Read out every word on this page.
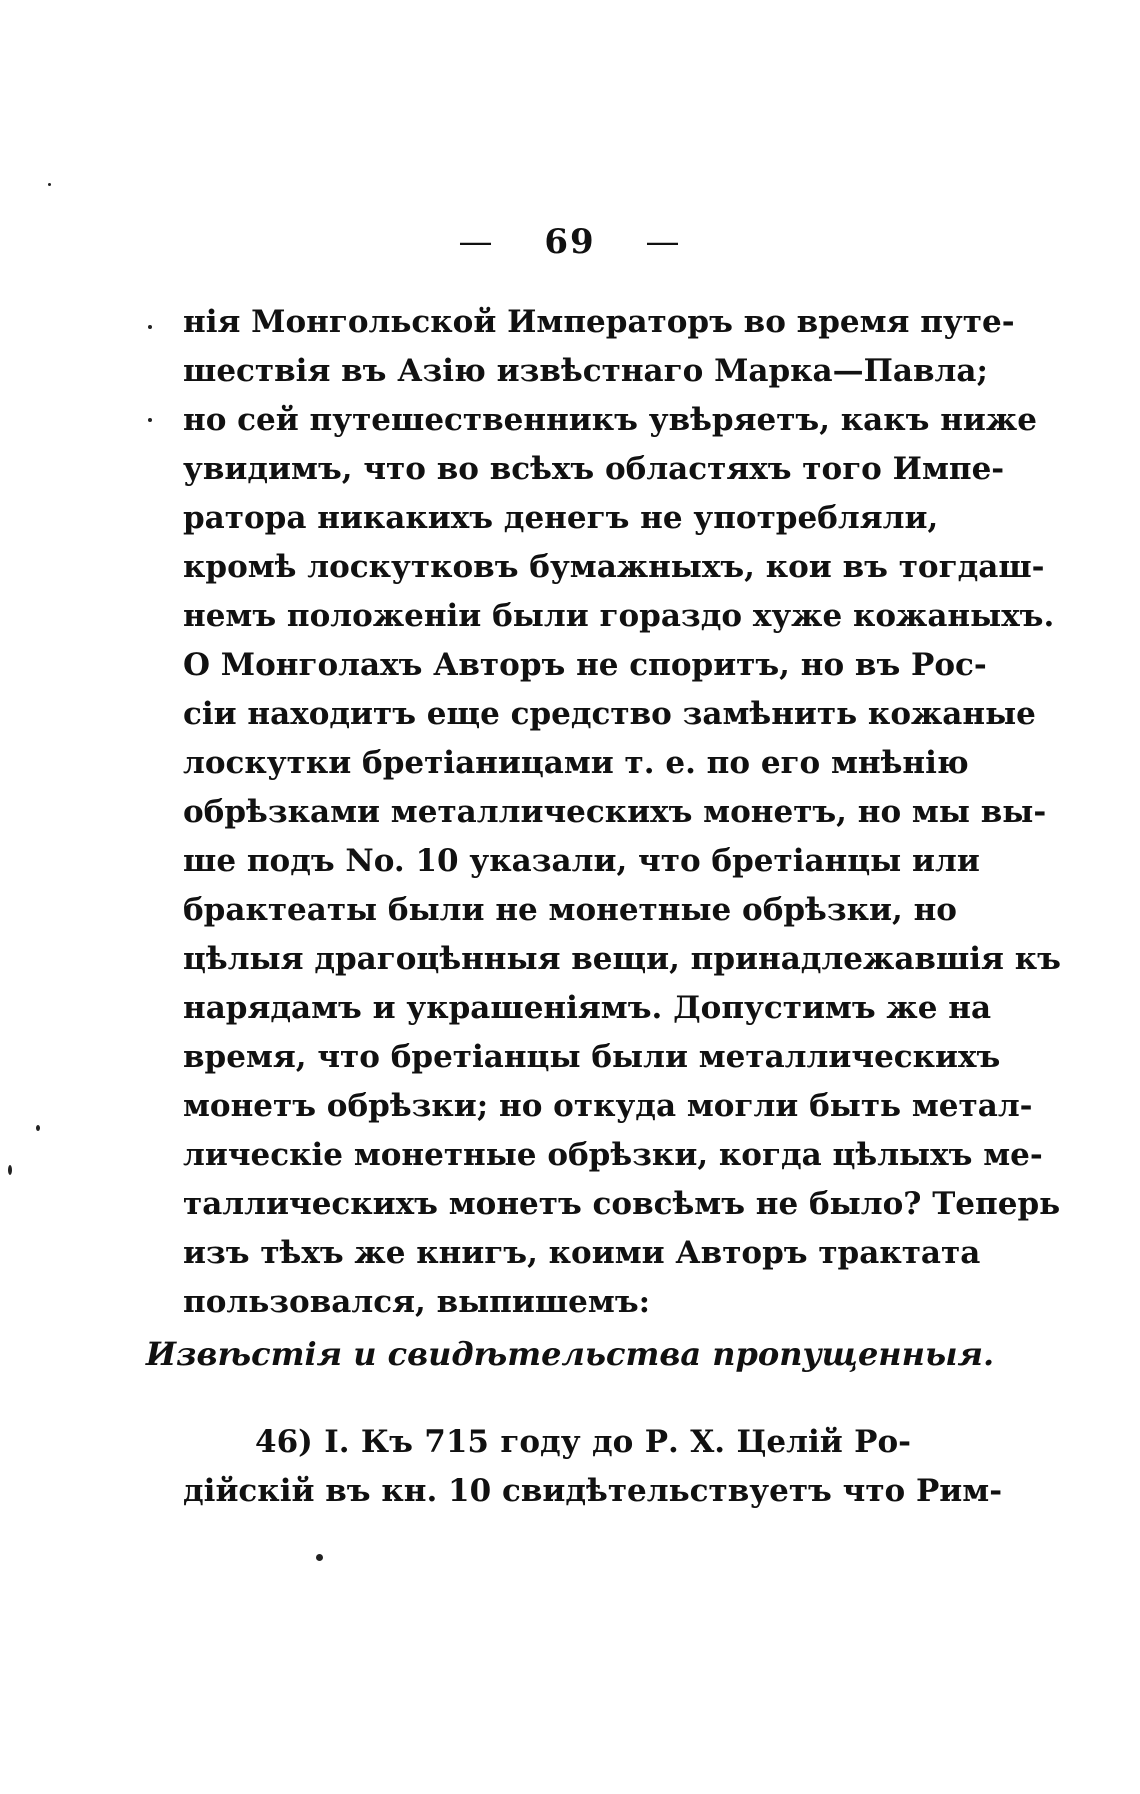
— 69 —
нія Монгольской Императоръ во время путе-
шествія въ Азію извѣстнаго Марка—Павла;
но сей путешественникъ увѣряетъ, какъ ниже
увидимъ, что во всѣхъ областяхъ того Импе-
ратора никакихъ денегъ не употребляли,
кромѣ лоскутковъ бумажныхъ, кои въ тогдаш-
немъ положеніи были гораздо хуже кожаныхъ.
О Монголахъ Авторъ не споритъ, но въ Рос-
сіи находитъ еще средство замѣнить кожаные
лоскутки бретіаницами т. е. по его мнѣнію
обрѣзками металлическихъ монетъ, но мы вы-
ше подъ No. 10 указали, что бретіанцы или
брактеаты были не монетные обрѣзки, но
цѣлыя драгоцѣнныя вещи, принадлежавшія къ
нарядамъ и украшеніямъ. Допустимъ же на
время, что бретіанцы были металлическихъ
монетъ обрѣзки; но откуда могли быть метал-
лическіе монетные обрѣзки, когда цѣлыхъ ме-
таллическихъ монетъ совсѣмъ не было? Теперь
изъ тѣхъ же книгъ, коими Авторъ трактата
пользовался, выпишемъ:
Извѣстія и свидѣтельства пропущенныя.
46) I. Къ 715 году до Р. Х. Целій Ро-
дійскій въ кн. 10 свидѣтельствуетъ что Рим-
